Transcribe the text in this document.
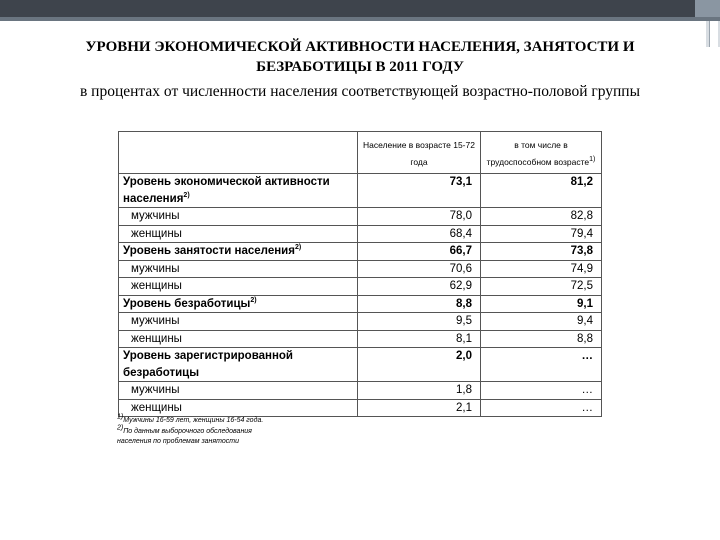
УРОВНИ ЭКОНОМИЧЕСКОЙ АКТИВНОСТИ НАСЕЛЕНИЯ, ЗАНЯТОСТИ И
БЕЗРАБОТИЦЫ В 2011 ГОДУ
в процентах от численности населения соответствующей возрастно-половой группы
	Население в возрасте 15-72 года	в том числе в трудоспособном возрасте$^{1)}$
Уровень экономической активности населения$^{2)}$	73,1	81,2
мужчины	78,0	82,8
женщины	68,4	79,4
Уровень занятости населения$^{2)}$	66,7	73,8
мужчины	70,6	74,9
женщины	62,9	72,5
Уровень безработицы$^{2)}$	8,8	9,1
мужчины	9,5	9,4
женщины	8,1	8,8
Уровень зарегистрированной безработицы	2,0	…
мужчины	1,8	…
женщины	2,1	…
$^{1)}$Мужчины 16-59 лет, женщины 16-54 года.
$^{2)}$По данным выборочного обследования населения по проблемам занятости
